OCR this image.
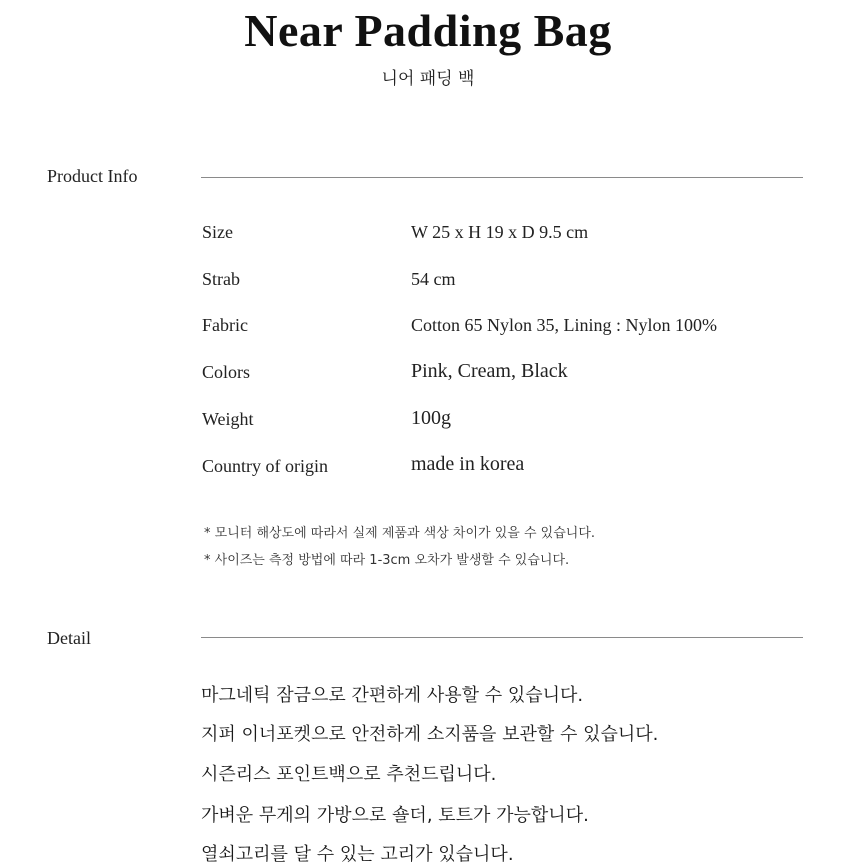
Near Padding Bag
니어 패딩 백
Product Info
Size	W 25 x H 19 x D 9.5 cm
Strab	54 cm
Fabric	Cotton 65 Nylon 35, Lining : Nylon 100%
Colors	Pink, Cream, Black
Weight	100g
Country of origin	made in korea
* 모니터 해상도에 따라서 실제 제품과 색상 차이가 있을 수 있습니다.
* 사이즈는 측정 방법에 따라 1-3cm 오차가 발생할 수 있습니다.
Detail
마그네틱 잠금으로 간편하게 사용할 수 있습니다.
지퍼 이너포켓으로 안전하게 소지품을 보관할 수 있습니다.
시즌리스 포인트백으로 추천드립니다.
가벼운 무게의 가방으로 숄더, 토트가 가능합니다.
열쇠고리를 달 수 있는 고리가 있습니다.
